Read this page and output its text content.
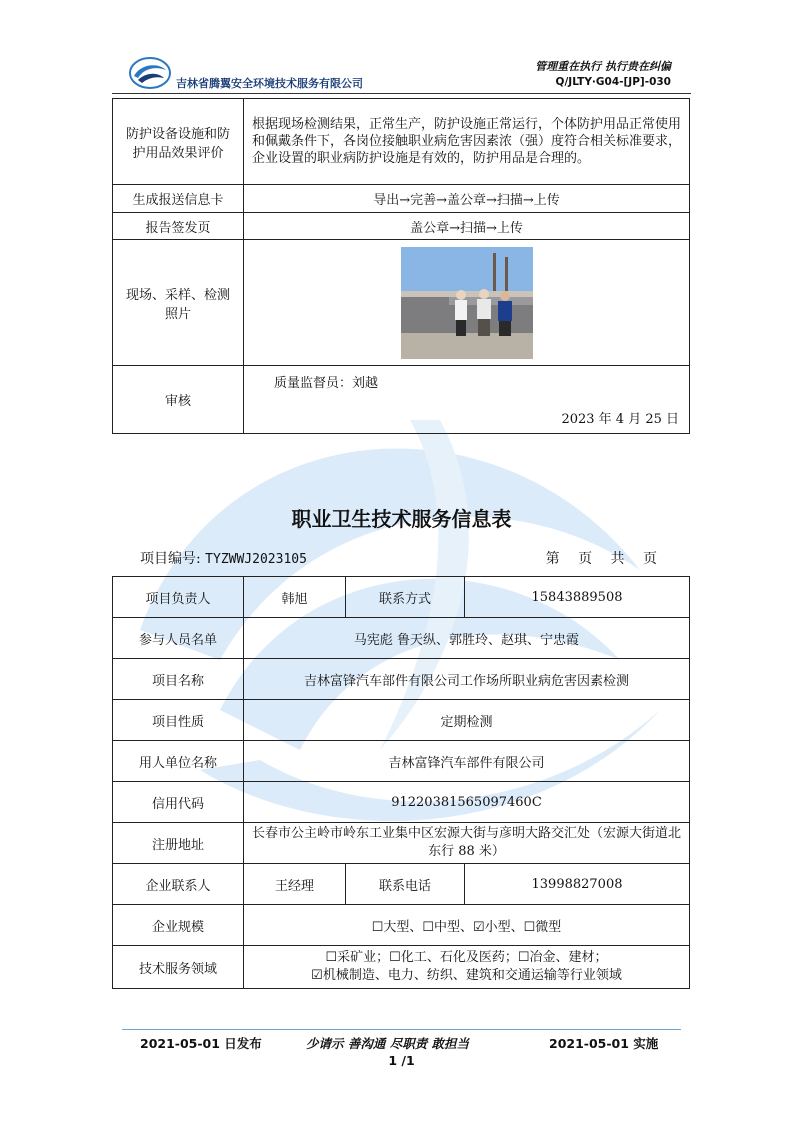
吉林省腾翼安全环境技术服务有限公司
管理重在执行 执行贵在纠偏
Q/JLTY·G04-[JP]-030
防护设备设施和防护用品效果评价	根据现场检测结果，正常生产，防护设施正常运行，个体防护用品正常使用和佩戴条件下，各岗位接触职业病危害因素浓（强）度符合相关标准要求，企业设置的职业病防护设施是有效的，防护用品是合理的。
生成报送信息卡	导出→完善→盖公章→扫描→上传
报告签发页	盖公章→扫描→上传
现场、采样、检测照片	

审核	质量监督员：刘越
2023 年 4 月 25 日
职业卫生技术服务信息表
项目编号: TYZWWJ2023105	第 页 共 页
项目负责人	韩旭	联系方式	15843889508
参与人员名单	马宪彪 鲁天纵、郭胜玲、赵琪、宁忠霞		
项目名称	吉林富锋汽车部件有限公司工作场所职业病危害因素检测		
项目性质	定期检测		
用人单位名称	吉林富锋汽车部件有限公司		
信用代码	91220381565097460C		
注册地址	长春市公主岭市岭东工业集中区宏源大街与彦明大路交汇处（宏源大街道北东行 88 米）		
企业联系人	王经理	联系电话	13998827008
企业规模	☐大型、☐中型、☑小型、☐微型		
技术服务领域	☐采矿业；☐化工、石化及医药；☐冶金、建材；
☑机械制造、电力、纺织、建筑和交通运输等行业领域		
2021-05-01 日发布	少请示 善沟通 尽职责 敢担当	2021-05-01 实施
1 /1
